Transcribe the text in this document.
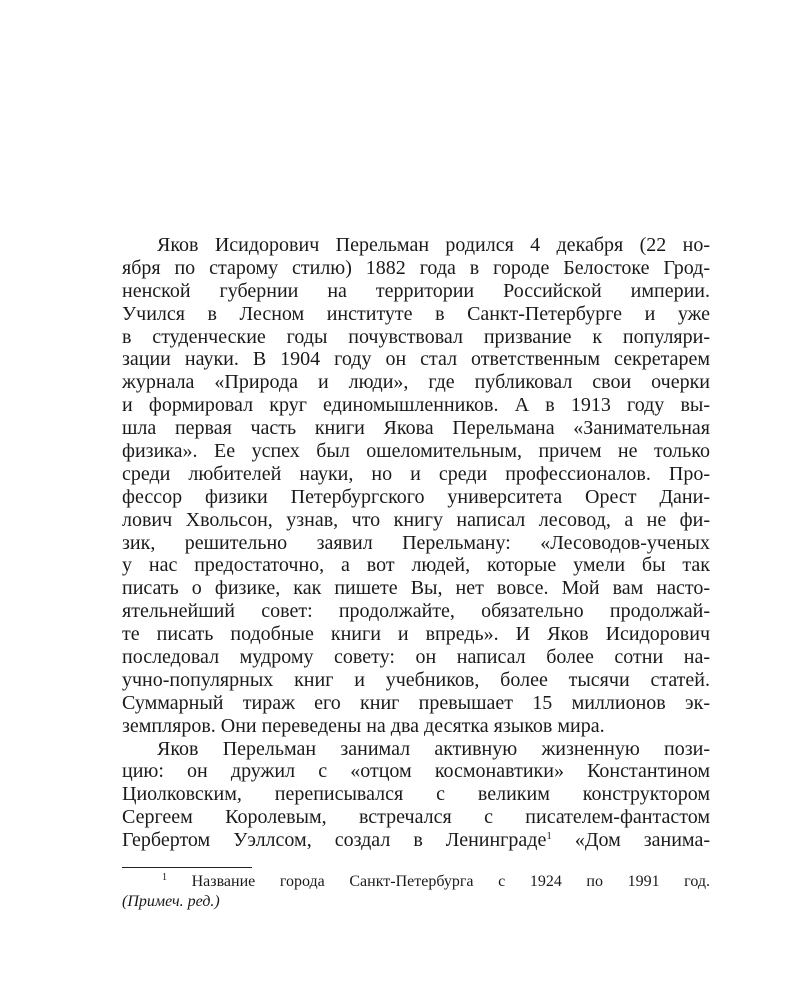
Яков Исидорович Перельман родился 4 декабря (22 но-
ября по старому стилю) 1882 года в городе Белостоке Грод-
ненской губернии на территории Российской империи.
Учился в Лесном институте в Санкт-Петербурге и уже
в студенческие годы почувствовал призвание к популяри-
зации науки. В 1904 году он стал ответственным секретарем
журнала «Природа и люди», где публиковал свои очерки
и формировал круг единомышленников. А в 1913 году вы-
шла первая часть книги Якова Перельмана «Занимательная
физика». Ее успех был ошеломительным, причем не только
среди любителей науки, но и среди профессионалов. Про-
фессор физики Петербургского университета Орест Дани-
лович Хвольсон, узнав, что книгу написал лесовод, а не фи-
зик, решительно заявил Перельману: «Лесоводов-ученых
у нас предостаточно, а вот людей, которые умели бы так
писать о физике, как пишете Вы, нет вовсе. Мой вам насто-
ятельнейший совет: продолжайте, обязательно продолжай-
те писать подобные книги и впредь». И Яков Исидорович
последовал мудрому совету: он написал более сотни на-
учно-популярных книг и учебников, более тысячи статей.
Суммарный тираж его книг превышает 15 миллионов эк-
земпляров. Они переведены на два десятка языков мира.
Яков Перельман занимал активную жизненную пози-
цию: он дружил с «отцом космонавтики» Константином
Циолковским, переписывался с великим конструктором
Сергеем Королевым, встречался с писателем-фантастом
Гербертом Уэллсом, создал в Ленинграде$^1$ «Дом занима-
$^1$ Название города Санкт-Петербурга с 1924 по 1991 год.
(Примеч. ред.)
